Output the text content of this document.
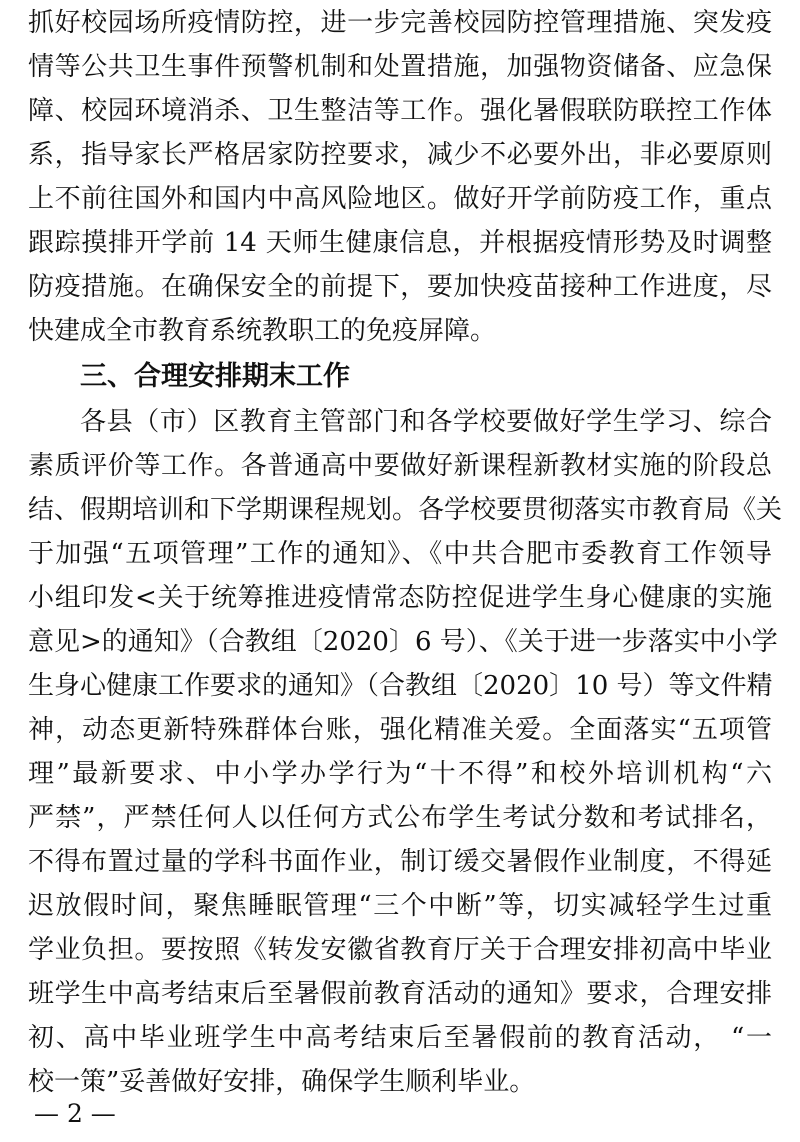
抓好校园场所疫情防控，进一步完善校园防控管理措施、突发疫
情等公共卫生事件预警机制和处置措施，加强物资储备、应急保
障、校园环境消杀、卫生整洁等工作。强化暑假联防联控工作体
系，指导家长严格居家防控要求，减少不必要外出，非必要原则
上不前往国外和国内中高风险地区。做好开学前防疫工作，重点
跟踪摸排开学前 14 天师生健康信息，并根据疫情形势及时调整
防疫措施。在确保安全的前提下，要加快疫苗接种工作进度，尽
快建成全市教育系统教职工的免疫屏障。
三、合理安排期末工作
各县（市）区教育主管部门和各学校要做好学生学习、综合
素质评价等工作。各普通高中要做好新课程新教材实施的阶段总
结、假期培训和下学期课程规划。各学校要贯彻落实市教育局《关
于加强“五项管理”工作的通知》、《中共合肥市委教育工作领导
小组印发<关于统筹推进疫情常态防控促进学生身心健康的实施
意见>的通知》（合教组〔2020〕6 号）、《关于进一步落实中小学
生身心健康工作要求的通知》（合教组〔2020〕10 号）等文件精
神，动态更新特殊群体台账，强化精准关爱。全面落实“五项管
理”最新要求、中小学办学行为“十不得”和校外培训机构“六
严禁”，严禁任何人以任何方式公布学生考试分数和考试排名，
不得布置过量的学科书面作业，制订缓交暑假作业制度，不得延
迟放假时间，聚焦睡眠管理“三个中断”等，切实减轻学生过重
学业负担。要按照《转发安徽省教育厅关于合理安排初高中毕业
班学生中高考结束后至暑假前教育活动的通知》要求，合理安排
初、高中毕业班学生中高考结束后至暑假前的教育活动， “一
校一策”妥善做好安排，确保学生顺利毕业。
— 2 —
